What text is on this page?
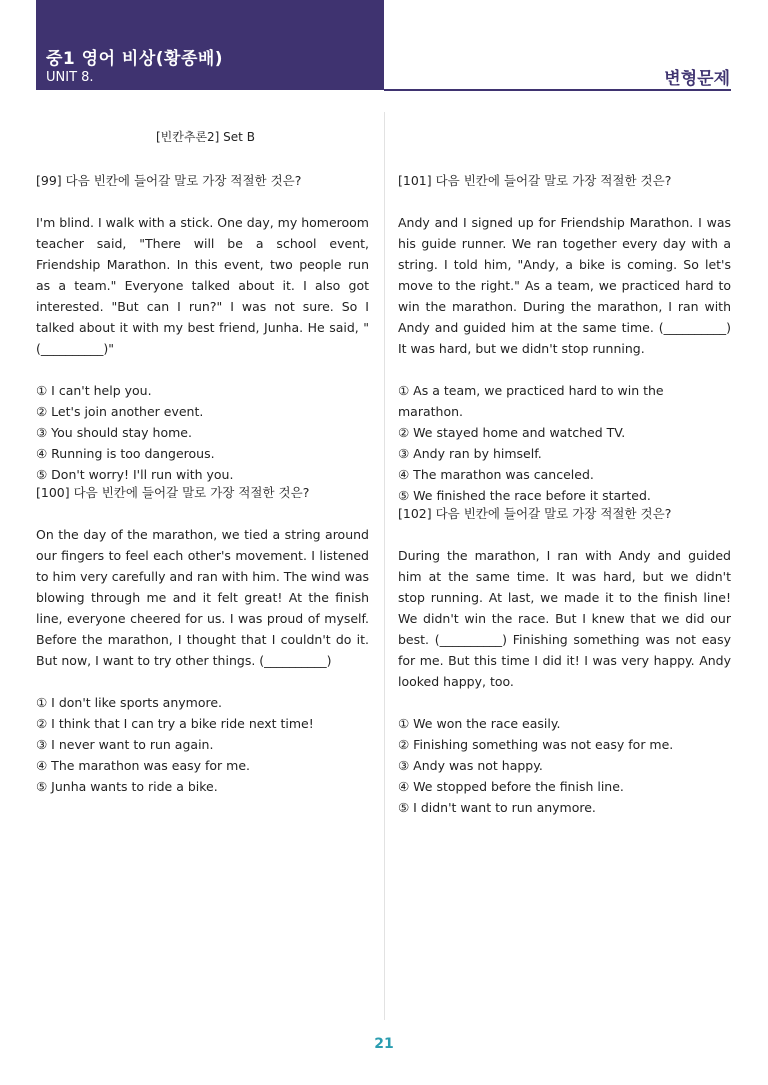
중1 영어 비상(황종배)
UNIT 8.	변형문제
[빈칸추론2] Set B

[99] 다음 빈칸에 들어갈 말로 가장 적절한 것은?

I'm blind. I walk with a stick. One day, my homeroom teacher said, "There will be a school event, Friendship Marathon. In this event, two people run as a team." Everyone talked about it. I also got interested. "But can I run?" I was not sure. So I talked about it with my best friend, Junha. He said, "(__________)"

① I can't help you.
② Let's join another event.
③ You should stay home.
④ Running is too dangerous.
⑤ Don't worry! I'll run with you.

[100] 다음 빈칸에 들어갈 말로 가장 적절한 것은?

On the day of the marathon, we tied a string around our fingers to feel each other's movement. I listened to him very carefully and ran with him. The wind was blowing through me and it felt great! At the finish line, everyone cheered for us. I was proud of myself. Before the marathon, I thought that I couldn't do it. But now, I want to try other things. (__________)

① I don't like sports anymore.
② I think that I can try a bike ride next time!
③ I never want to run again.
④ The marathon was easy for me.
⑤ Junha wants to ride a bike.

[101] 다음 빈칸에 들어갈 말로 가장 적절한 것은?

Andy and I signed up for Friendship Marathon. I was his guide runner. We ran together every day with a string. I told him, "Andy, a bike is coming. So let's move to the right." As a team, we practiced hard to win the marathon. During the marathon, I ran with Andy and guided him at the same time. (__________) It was hard, but we didn't stop running.

① As a team, we practiced hard to win the marathon.
② We stayed home and watched TV.
③ Andy ran by himself.
④ The marathon was canceled.
⑤ We finished the race before it started.

[102] 다음 빈칸에 들어갈 말로 가장 적절한 것은?

During the marathon, I ran with Andy and guided him at the same time. It was hard, but we didn't stop running. At last, we made it to the finish line! We didn't win the race. But I knew that we did our best. (__________) Finishing something was not easy for me. But this time I did it! I was very happy. Andy looked happy, too.

① We won the race easily.
② Finishing something was not easy for me.
③ Andy was not happy.
④ We stopped before the finish line.
⑤ I didn't want to run anymore.
21
